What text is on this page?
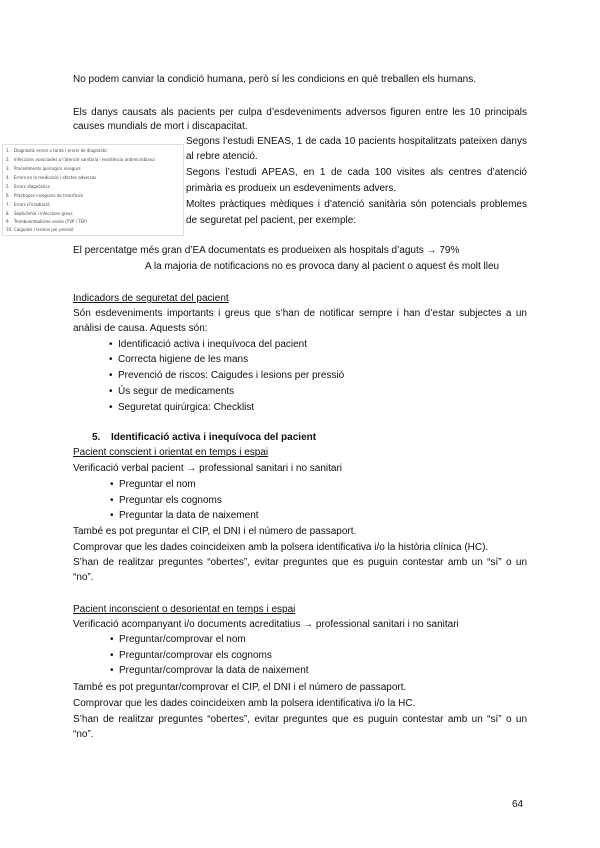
No podem canviar la condició humana, però sí les condicions en què treballen els humans.

Els danys causats als pacients per culpa d’esdeveniments adversos figuren entre les 10 principals

causes mundials de mort i discapacitat.

1. Diagnòstic erroni o tardà / errors de diagnòstic
2. Infeccions associades a l’atenció sanitària i resistència antimicrobiana
3. Procediments quirúrgics insegurs
4. Errors en la medicació i efectes adversos
5. Errors diagnòstics
6. Pràctiques insegures de transfusió
7. Errors d’irradiació
8. Septicèmia i infeccions greus
9. Tromboembolisme venós (TVP i TEP)
10. Caigudes i lesions per pressió

Segons l’estudi ENEAS, 1 de cada 10 pacients hospitalitzats pateixen danys

al rebre atenció.

Segons l’estudi APEAS, en 1 de cada 100 visites als centres d’atenció

primària es produeix un esdeveniments advers.

Moltes pràctiques mèdiques i d’atenció sanitària són potencials problemes

de seguretat pel pacient, per exemple:

El percentatge més gran d’EA documentats es produeixen als hospitals d’aguts → 79%

A la majoria de notificacions no es provoca dany al pacient o aquest és molt lleu

Indicadors de seguretat del pacient

Són esdeveniments importants i greus que s’han de notificar sempre i han d’estar subjectes a un

anàlisi de causa. Aquests són:

• Identificació activa i inequívoca del pacient
• Correcta higiene de les mans
• Prevenció de riscos: Caigudes i lesions per pressió
• Ús segur de medicaments
• Seguretat quirúrgica: Checklist
5. Identificació activa i inequívoca del pacient

Pacient conscient i orientat en temps i espai

Verificació verbal pacient → professional sanitari i no sanitari

• Preguntar el nom
• Preguntar els cognoms
• Preguntar la data de naixement

També es pot preguntar el CIP, el DNI i el número de passaport.

Comprovar que les dades coincideixen amb la polsera identificativa i/o la història clínica (HC).

S’han de realitzar preguntes “obertes”, evitar preguntes que es puguin contestar amb un “sí” o un

“no”.

Pacient inconscient o desorientat en temps i espai

Verificació acompanyant i/o documents acreditatius → professional sanitari i no sanitari

• Preguntar/comprovar el nom
• Preguntar/comprovar els cognoms
• Preguntar/comprovar la data de naixement

També es pot preguntar/comprovar el CIP, el DNI i el número de passaport.

Comprovar que les dades coincideixen amb la polsera identificativa i/o la HC.

S’han de realitzar preguntes “obertes”, evitar preguntes que es puguin contestar amb un “sí” o un

“no”.

64
